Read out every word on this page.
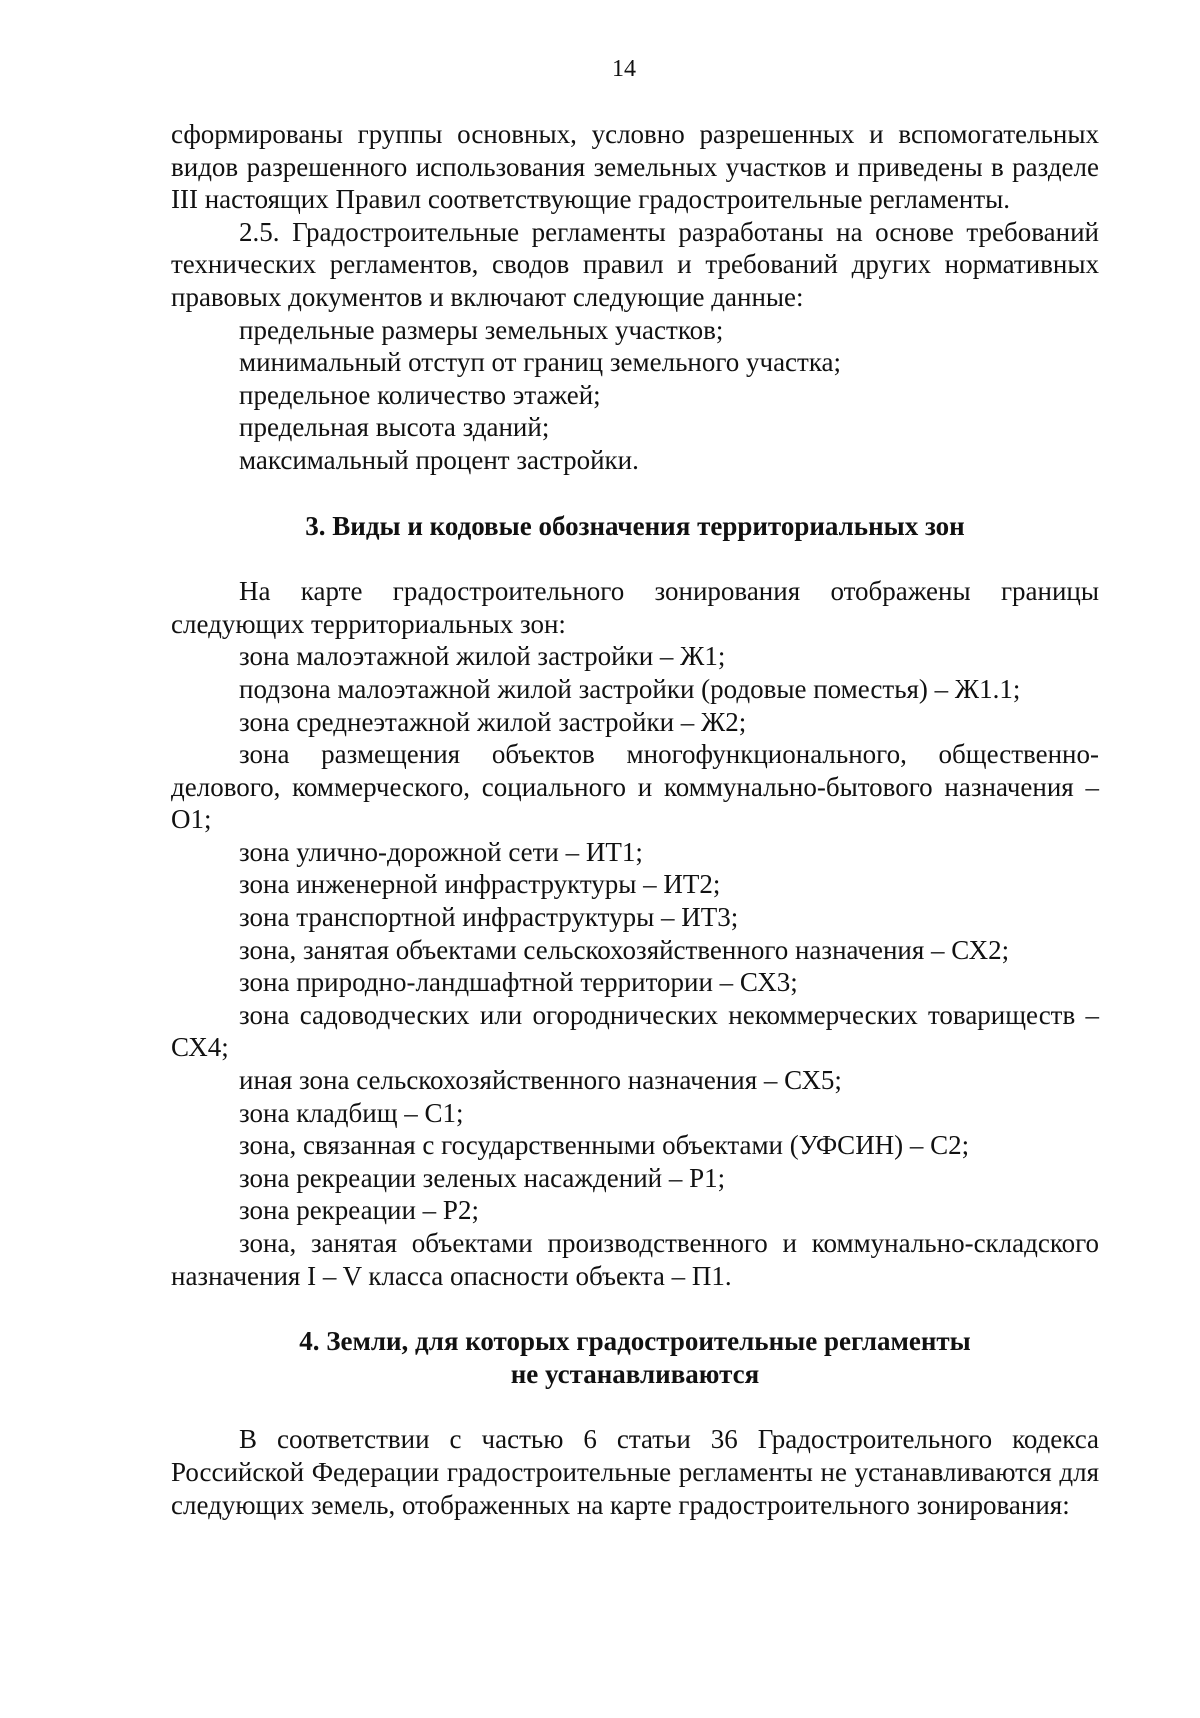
14

сформированы группы основных, условно разрешенных и вспомогательных видов разрешенного использования земельных участков и приведены в разделе III настоящих Правил соответствующие градостроительные регламенты.

2.5. Градостроительные регламенты разработаны на основе требований технических регламентов, сводов правил и требований других нормативных правовых документов и включают следующие данные:

предельные размеры земельных участков;

минимальный отступ от границ земельного участка;

предельное количество этажей;

предельная высота зданий;

максимальный процент застройки.

3. Виды и кодовые обозначения территориальных зон

На карте градостроительного зонирования отображены границы следующих территориальных зон:

зона малоэтажной жилой застройки – Ж1;

подзона малоэтажной жилой застройки (родовые поместья) – Ж1.1;

зона среднеэтажной жилой застройки – Ж2;

зона размещения объектов многофункционального, общественно-делового, коммерческого, социального и коммунально-бытового назначения – О1;

зона улично-дорожной сети – ИТ1;

зона инженерной инфраструктуры – ИТ2;

зона транспортной инфраструктуры – ИТ3;

зона, занятая объектами сельскохозяйственного назначения – СХ2;

зона природно-ландшафтной территории – СХ3;

зона садоводческих или огороднических некоммерческих товариществ – СХ4;

иная зона сельскохозяйственного назначения – СХ5;

зона кладбищ – С1;

зона, связанная с государственными объектами (УФСИН) – С2;

зона рекреации зеленых насаждений – Р1;

зона рекреации – Р2;

зона, занятая объектами производственного и коммунально-складского назначения I – V класса опасности объекта – П1.

4. Земли, для которых градостроительные регламенты
не устанавливаются

В соответствии с частью 6 статьи 36 Градостроительного кодекса Российской Федерации градостроительные регламенты не устанавливаются для следующих земель, отображенных на карте градостроительного зонирования:
